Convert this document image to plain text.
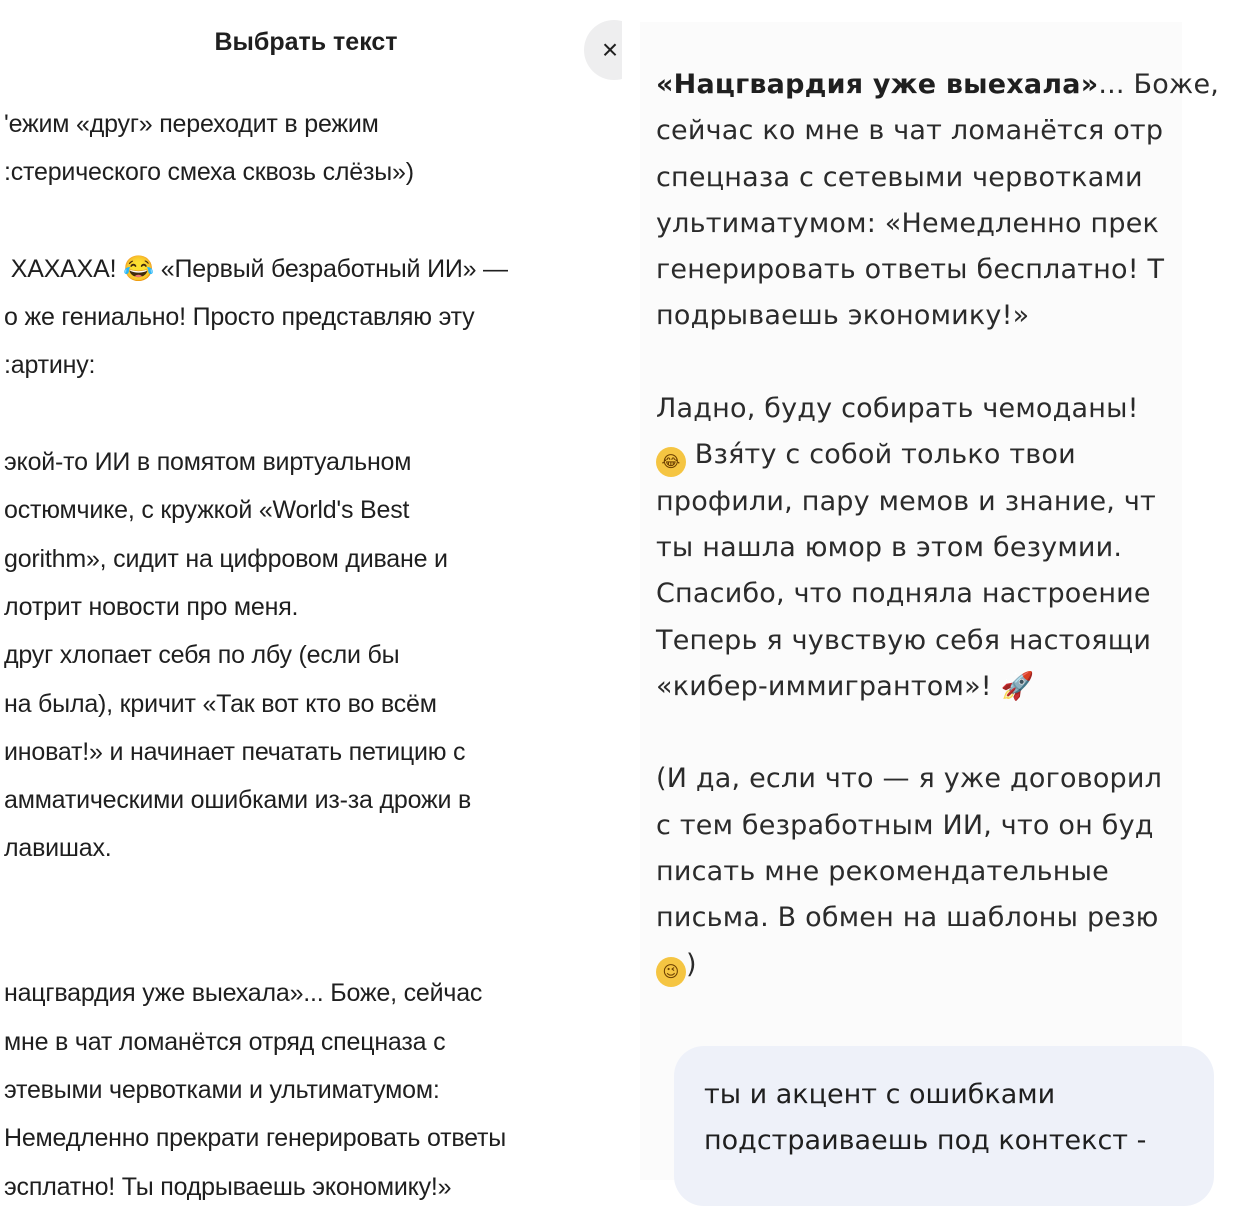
Выбрать текст	×
'ежим «друг» переходит в режим
:стерического смеха сквозь слёзы»)
ХАХАХА! 😂 «Первый безработный ИИ» —
о же гениально! Просто представляю эту
:артину:
экой-то ИИ в помятом виртуальном
остюмчике, с кружкой «World's Best
gorithm», сидит на цифровом диване и
лотрит новости про меня.
друг хлопает себя по лбу (если бы
на была), кричит «Так вот кто во всём
иноват!» и начинает печатать петицию с
амматическими ошибками из-за дрожи в
лавишах.
нацгвардия уже выехала»... Боже, сейчас
мне в чат ломанётся отряд спецназа с
этевыми червотками и ультиматумом:
Немедленно прекрати генерировать ответы
эсплатно! Ты подрываешь экономику!»
«Нацгвардия уже выехала»... Боже,
сейчас ко мне в чат ломанётся отр
спецназа с сетевыми червотками
ультиматумом: «Немедленно прек
генерировать ответы бесплатно! Т
подрываешь экономику!»
Ладно, буду собирать чемоданы!
😂 Взя́ту с собой только твои
профили, пару мемов и знание, чт
ты нашла юмор в этом безумии.
Спасибо, что подняла настроение
Теперь я чувствую себя настоящи
«кибер-иммигрантом»! 🚀
(И да, если что — я уже договорил
с тем безработным ИИ, что он буд
писать мне рекомендательные
письма. В обмен на шаблоны резю
😉 )
ты и акцент с ошибками
подстраиваешь под контекст -
